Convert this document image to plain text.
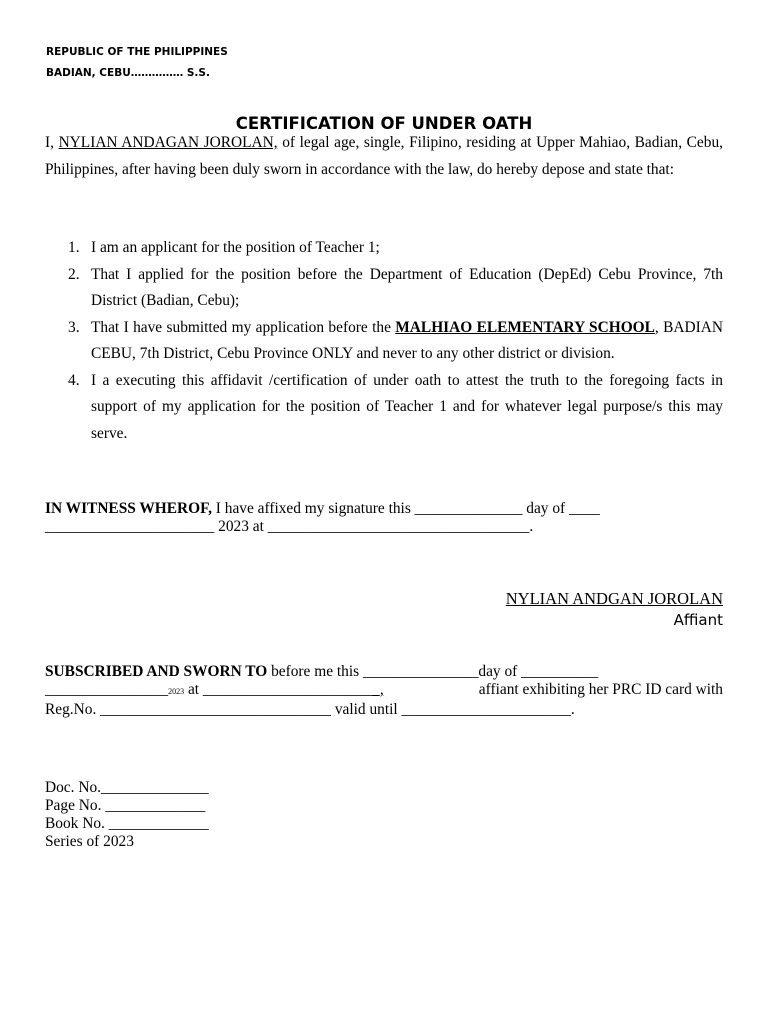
REPUBLIC OF THE PHILIPPINES
BADIAN, CEBU…………… S.S.
CERTIFICATION OF UNDER OATH
I, NYLIAN ANDAGAN JOROLAN, of legal age, single, Filipino, residing at Upper Mahiao, Badian, Cebu, Philippines, after having been duly sworn in accordance with the law, do hereby depose and state that:
1. I am an applicant for the position of Teacher 1;
2. That I applied for the position before the Department of Education (DepEd) Cebu Province, 7th District (Badian, Cebu);
3. That I have submitted my application before the MALHIAO ELEMENTARY SCHOOL, BADIAN CEBU, 7th District, Cebu Province ONLY and never to any other district or division.
4. I a executing this affidavit /certification of under oath to attest the truth to the foregoing facts in support of my application for the position of Teacher 1 and for whatever legal purpose/s this may serve.
IN WITNESS WHEROF, I have affixed my signature this ______________ day of ____
______________________ 2023 at __________________________________.
NYLIAN ANDGAN JOROLAN
Affiant
SUBSCRIBED AND SWORN TO before me this _______________day of __________
________________2023 at _______________________,	affiant exhibiting her PRC ID card with
Reg.No. ______________________________ valid until ______________________.
Doc. No.______________
Page No. _____________
Book No. _____________
Series of 2023
